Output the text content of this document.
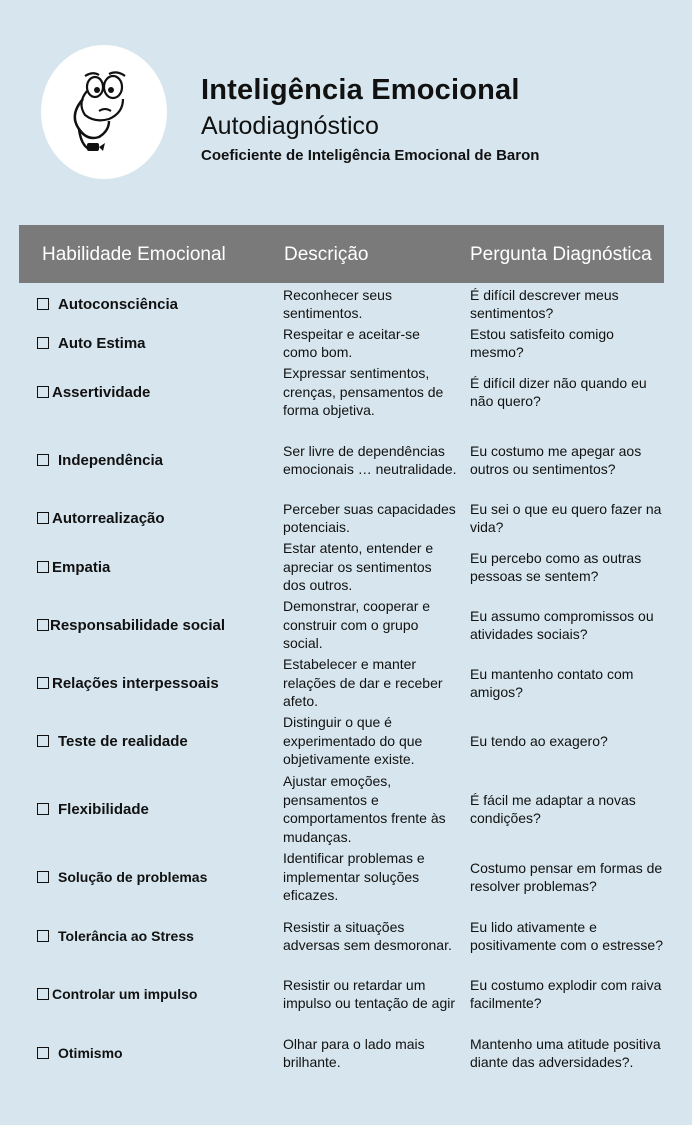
Inteligência Emocional
Autodiagnóstico
Coeficiente de Inteligência Emocional de Baron
Habilidade Emocional	Descrição	Pergunta Diagnóstica
Autoconsciência
Reconhecer seus sentimentos.
É difícil descrever meus sentimentos?
Auto Estima
Respeitar e aceitar-se como bom.
Estou satisfeito comigo mesmo?
Assertividade
Expressar sentimentos, crenças, pensamentos de forma objetiva.
É difícil dizer não quando eu não quero?
Independência
Ser livre de dependências emocionais … neutralidade.
Eu costumo me apegar aos outros ou sentimentos?
Autorrealização
Perceber suas capacidades potenciais.
Eu sei o que eu quero fazer na vida?
Empatia
Estar atento, entender e apreciar os sentimentos dos outros.
Eu percebo como as outras pessoas se sentem?
Responsabilidade social
Demonstrar, cooperar e construir com o grupo social.
Eu assumo compromissos ou atividades sociais?
Relações interpessoais
Estabelecer e manter relações de dar e receber afeto.
Eu mantenho contato com amigos?
Teste de realidade
Distinguir o que é experimentado do que objetivamente existe.
Eu tendo ao exagero?
Flexibilidade
Ajustar emoções, pensamentos e comportamentos frente às mudanças.
É fácil me adaptar a novas condições?
Solução de problemas
Identificar problemas e implementar soluções eficazes.
Costumo pensar em formas de resolver problemas?
Tolerância ao Stress
Resistir a situações adversas sem desmoronar.
Eu lido ativamente e positivamente com o estresse?
Controlar um impulso
Resistir ou retardar um impulso ou tentação de agir
Eu costumo explodir com raiva facilmente?
Otimismo
Olhar para o lado mais brilhante.
Mantenho uma atitude positiva diante das adversidades?.
